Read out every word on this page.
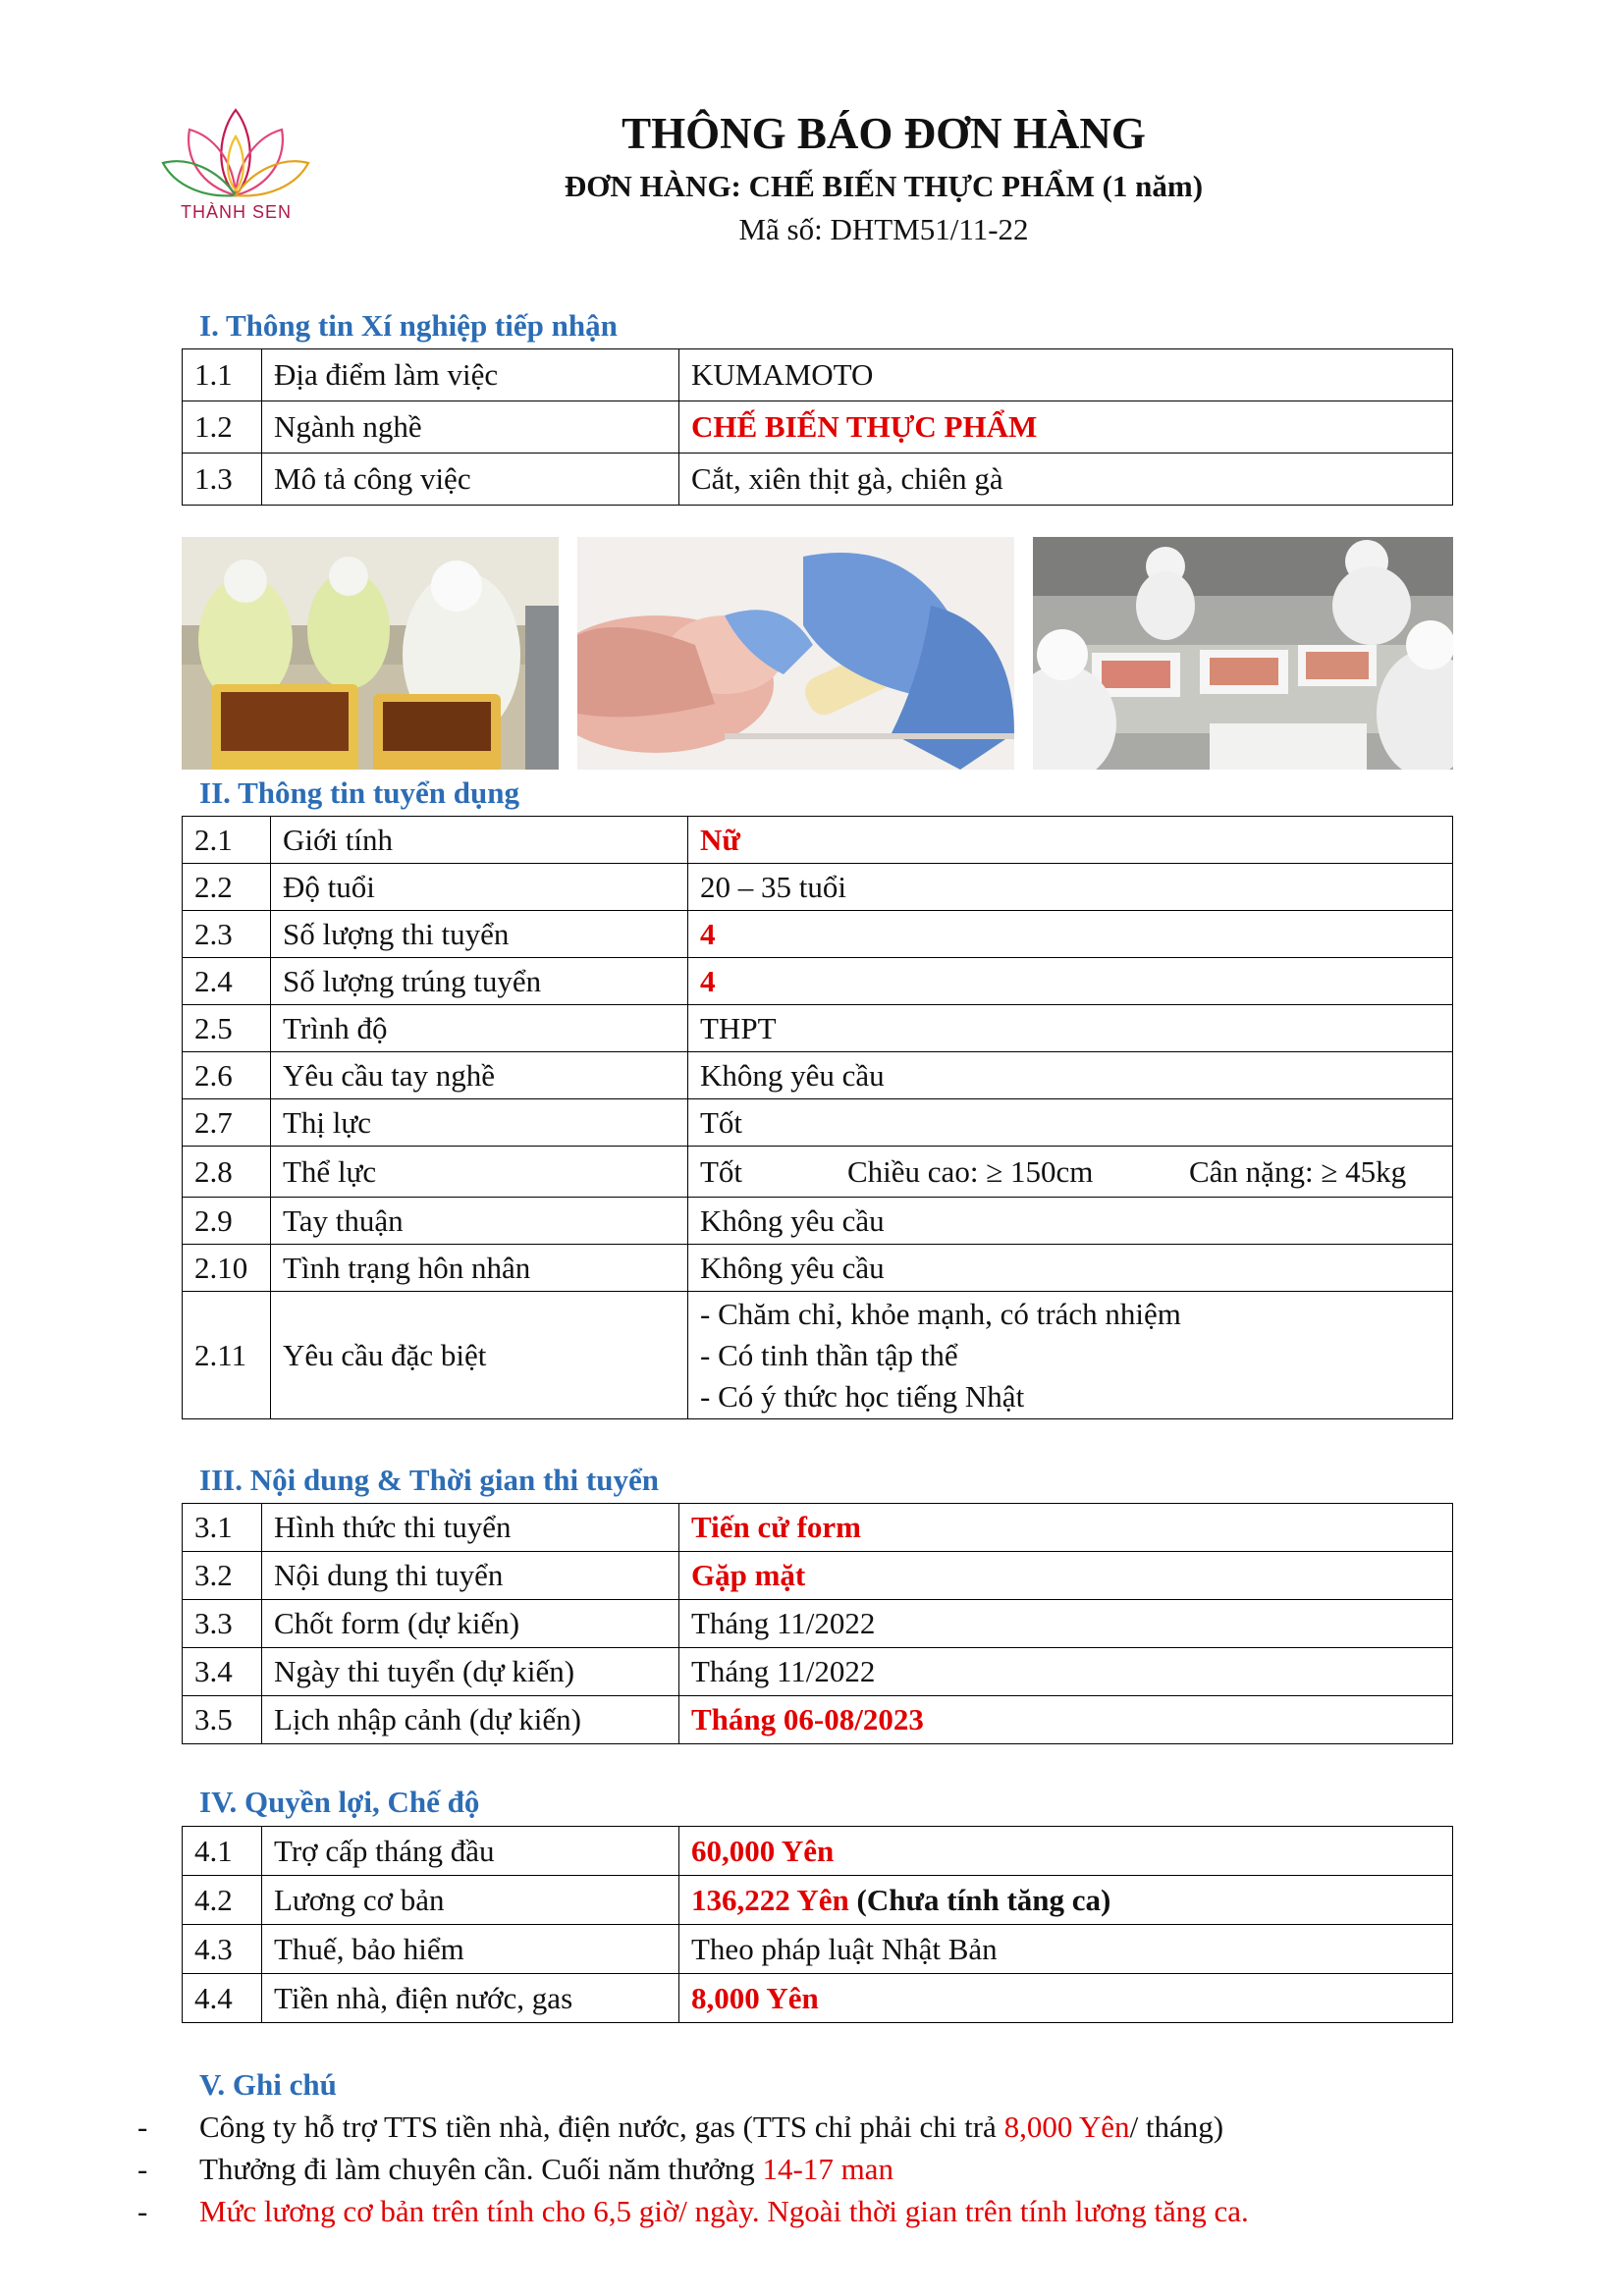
THÀNH SEN
THÔNG BÁO ĐƠN HÀNG
ĐƠN HÀNG: CHẾ BIẾN THỰC PHẨM (1 năm)
Mã số: DHTM51/11-22
I. Thông tin Xí nghiệp tiếp nhận
1.1	Địa điểm làm việc	KUMAMOTO
1.2	Ngành nghề	CHẾ BIẾN THỰC PHẨM
1.3	Mô tả công việc	Cắt, xiên thịt gà, chiên gà
II. Thông tin tuyển dụng
2.1	Giới tính	Nữ
2.2	Độ tuổi	20 – 35 tuổi
2.3	Số lượng thi tuyển	4
2.4	Số lượng trúng tuyển	4
2.5	Trình độ	THPT
2.6	Yêu cầu tay nghề	Không yêu cầu
2.7	Thị lực	Tốt
2.8	Thể lực	Tốt Chiều cao: ≥ 150cm Cân nặng: ≥ 45kg
2.9	Tay thuận	Không yêu cầu
2.10	Tình trạng hôn nhân	Không yêu cầu
2.11	Yêu cầu đặc biệt	- Chăm chỉ, khỏe mạnh, có trách nhiệm
- Có tinh thần tập thể
- Có ý thức học tiếng Nhật
III. Nội dung & Thời gian thi tuyển
3.1	Hình thức thi tuyển	Tiến cử form
3.2	Nội dung thi tuyển	Gặp mặt
3.3	Chốt form (dự kiến)	Tháng 11/2022
3.4	Ngày thi tuyển (dự kiến)	Tháng 11/2022
3.5	Lịch nhập cảnh (dự kiến)	Tháng 06-08/2023
IV. Quyền lợi, Chế độ
4.1	Trợ cấp tháng đầu	60,000 Yên
4.2	Lương cơ bản	136,222 Yên (Chưa tính tăng ca)
4.3	Thuế, bảo hiểm	Theo pháp luật Nhật Bản
4.4	Tiền nhà, điện nước, gas	8,000 Yên
V. Ghi chú
-	Công ty hỗ trợ TTS tiền nhà, điện nước, gas (TTS chỉ phải chi trả 8,000 Yên/ tháng)
-	Thưởng đi làm chuyên cần. Cuối năm thưởng 14-17 man
-	Mức lương cơ bản trên tính cho 6,5 giờ/ ngày. Ngoài thời gian trên tính lương tăng ca.
